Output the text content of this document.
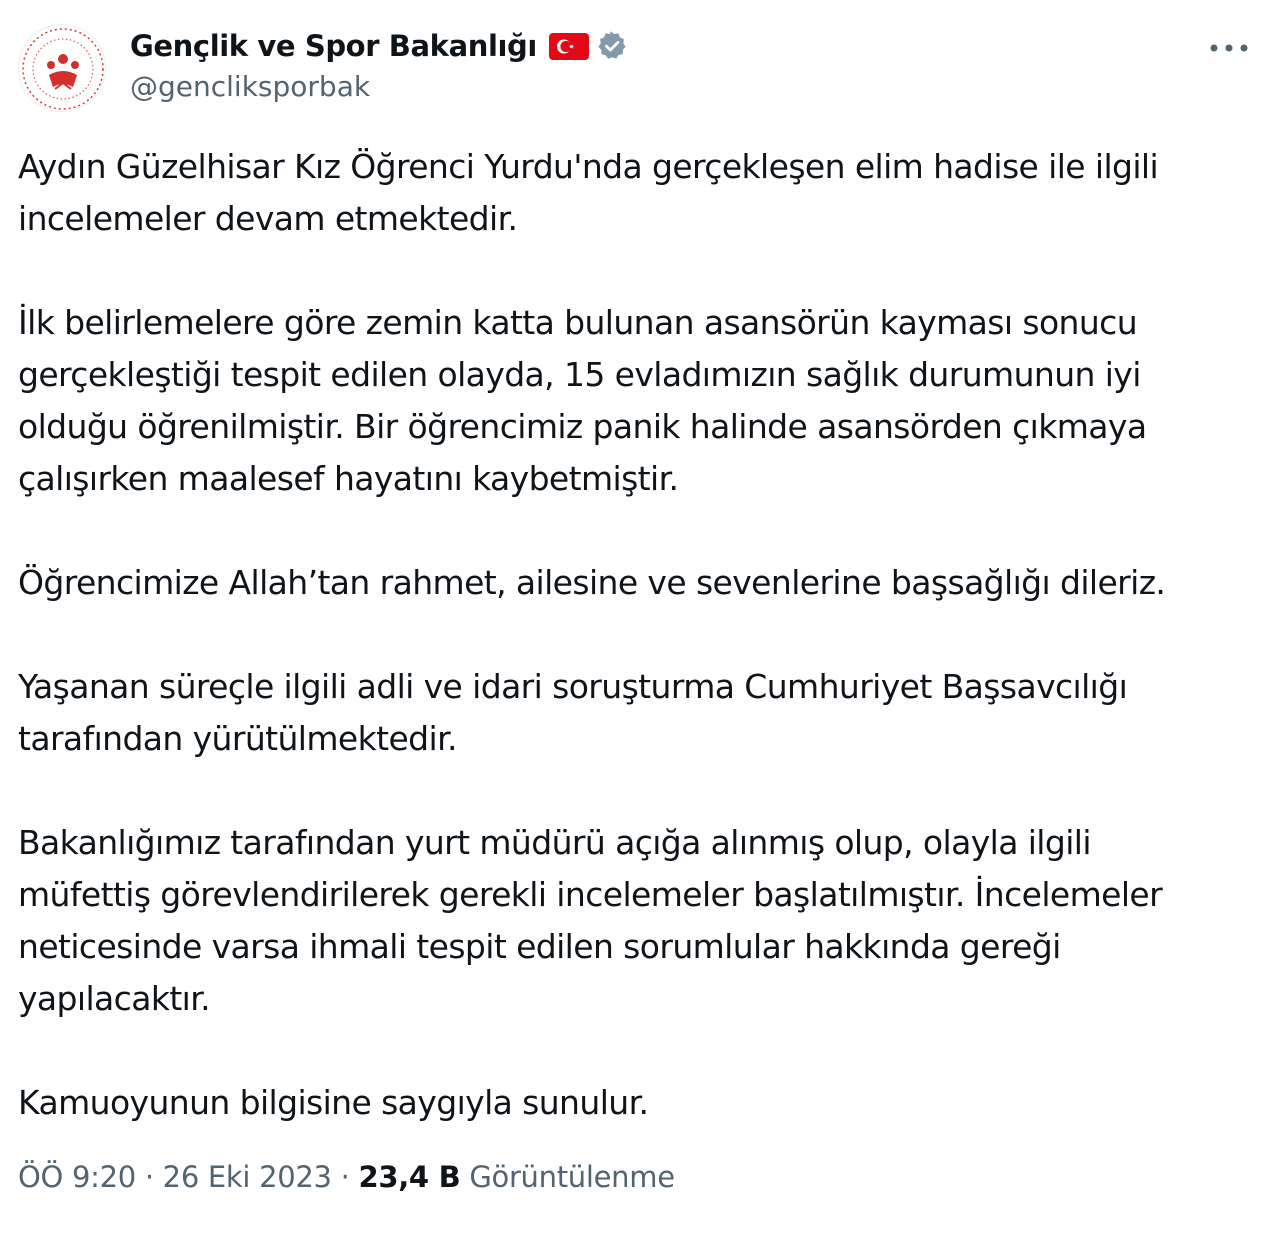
Gençlik ve Spor Bakanlığı
@gencliksporbak

Aydın Güzelhisar Kız Öğrenci Yurdu'nda gerçekleşen elim hadise ile ilgili
incelemeler devam etmektedir.

İlk belirlemelere göre zemin katta bulunan asansörün kayması sonucu
gerçekleştiği tespit edilen olayda, 15 evladımızın sağlık durumunun iyi
olduğu öğrenilmiştir. Bir öğrencimiz panik halinde asansörden çıkmaya
çalışırken maalesef hayatını kaybetmiştir.

Öğrencimize Allah’tan rahmet, ailesine ve sevenlerine başsağlığı dileriz.

Yaşanan süreçle ilgili adli ve idari soruşturma Cumhuriyet Başsavcılığı
tarafından yürütülmektedir.

Bakanlığımız tarafından yurt müdürü açığa alınmış olup, olayla ilgili
müfettiş görevlendirilerek gerekli incelemeler başlatılmıştır. İncelemeler
neticesinde varsa ihmali tespit edilen sorumlular hakkında gereği
yapılacaktır.

Kamuoyunun bilgisine saygıyla sunulur.

ÖÖ 9:20 · 26 Eki 2023 · 23,4 B Görüntülenme
